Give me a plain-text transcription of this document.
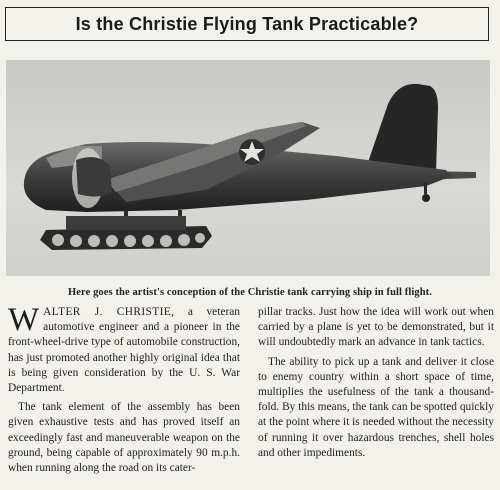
Is the Christie Flying Tank Practicable?
Here goes the artist's conception of the Christie tank carrying ship in full flight.

WALTER J. CHRISTIE, a veteran automotive engineer and a pioneer in the front-wheel-drive type of automobile construction, has just promoted another highly original idea that is being given consideration by the U. S. War Department.

The tank element of the assembly has been given exhaustive tests and has proved itself an exceedingly fast and maneuverable weapon on the ground, being capable of approximately 90 m.p.h. when running along the road on its cater-

pillar tracks. Just how the idea will work out when carried by a plane is yet to be demonstrated, but it will undoubtedly mark an advance in tank tactics.

The ability to pick up a tank and deliver it close to enemy country within a short space of time, multiplies the usefulness of the tank a thousand-fold. By this means, the tank can be spotted quickly at the point where it is needed without the necessity of running it over hazardous trenches, shell holes and other impediments.
